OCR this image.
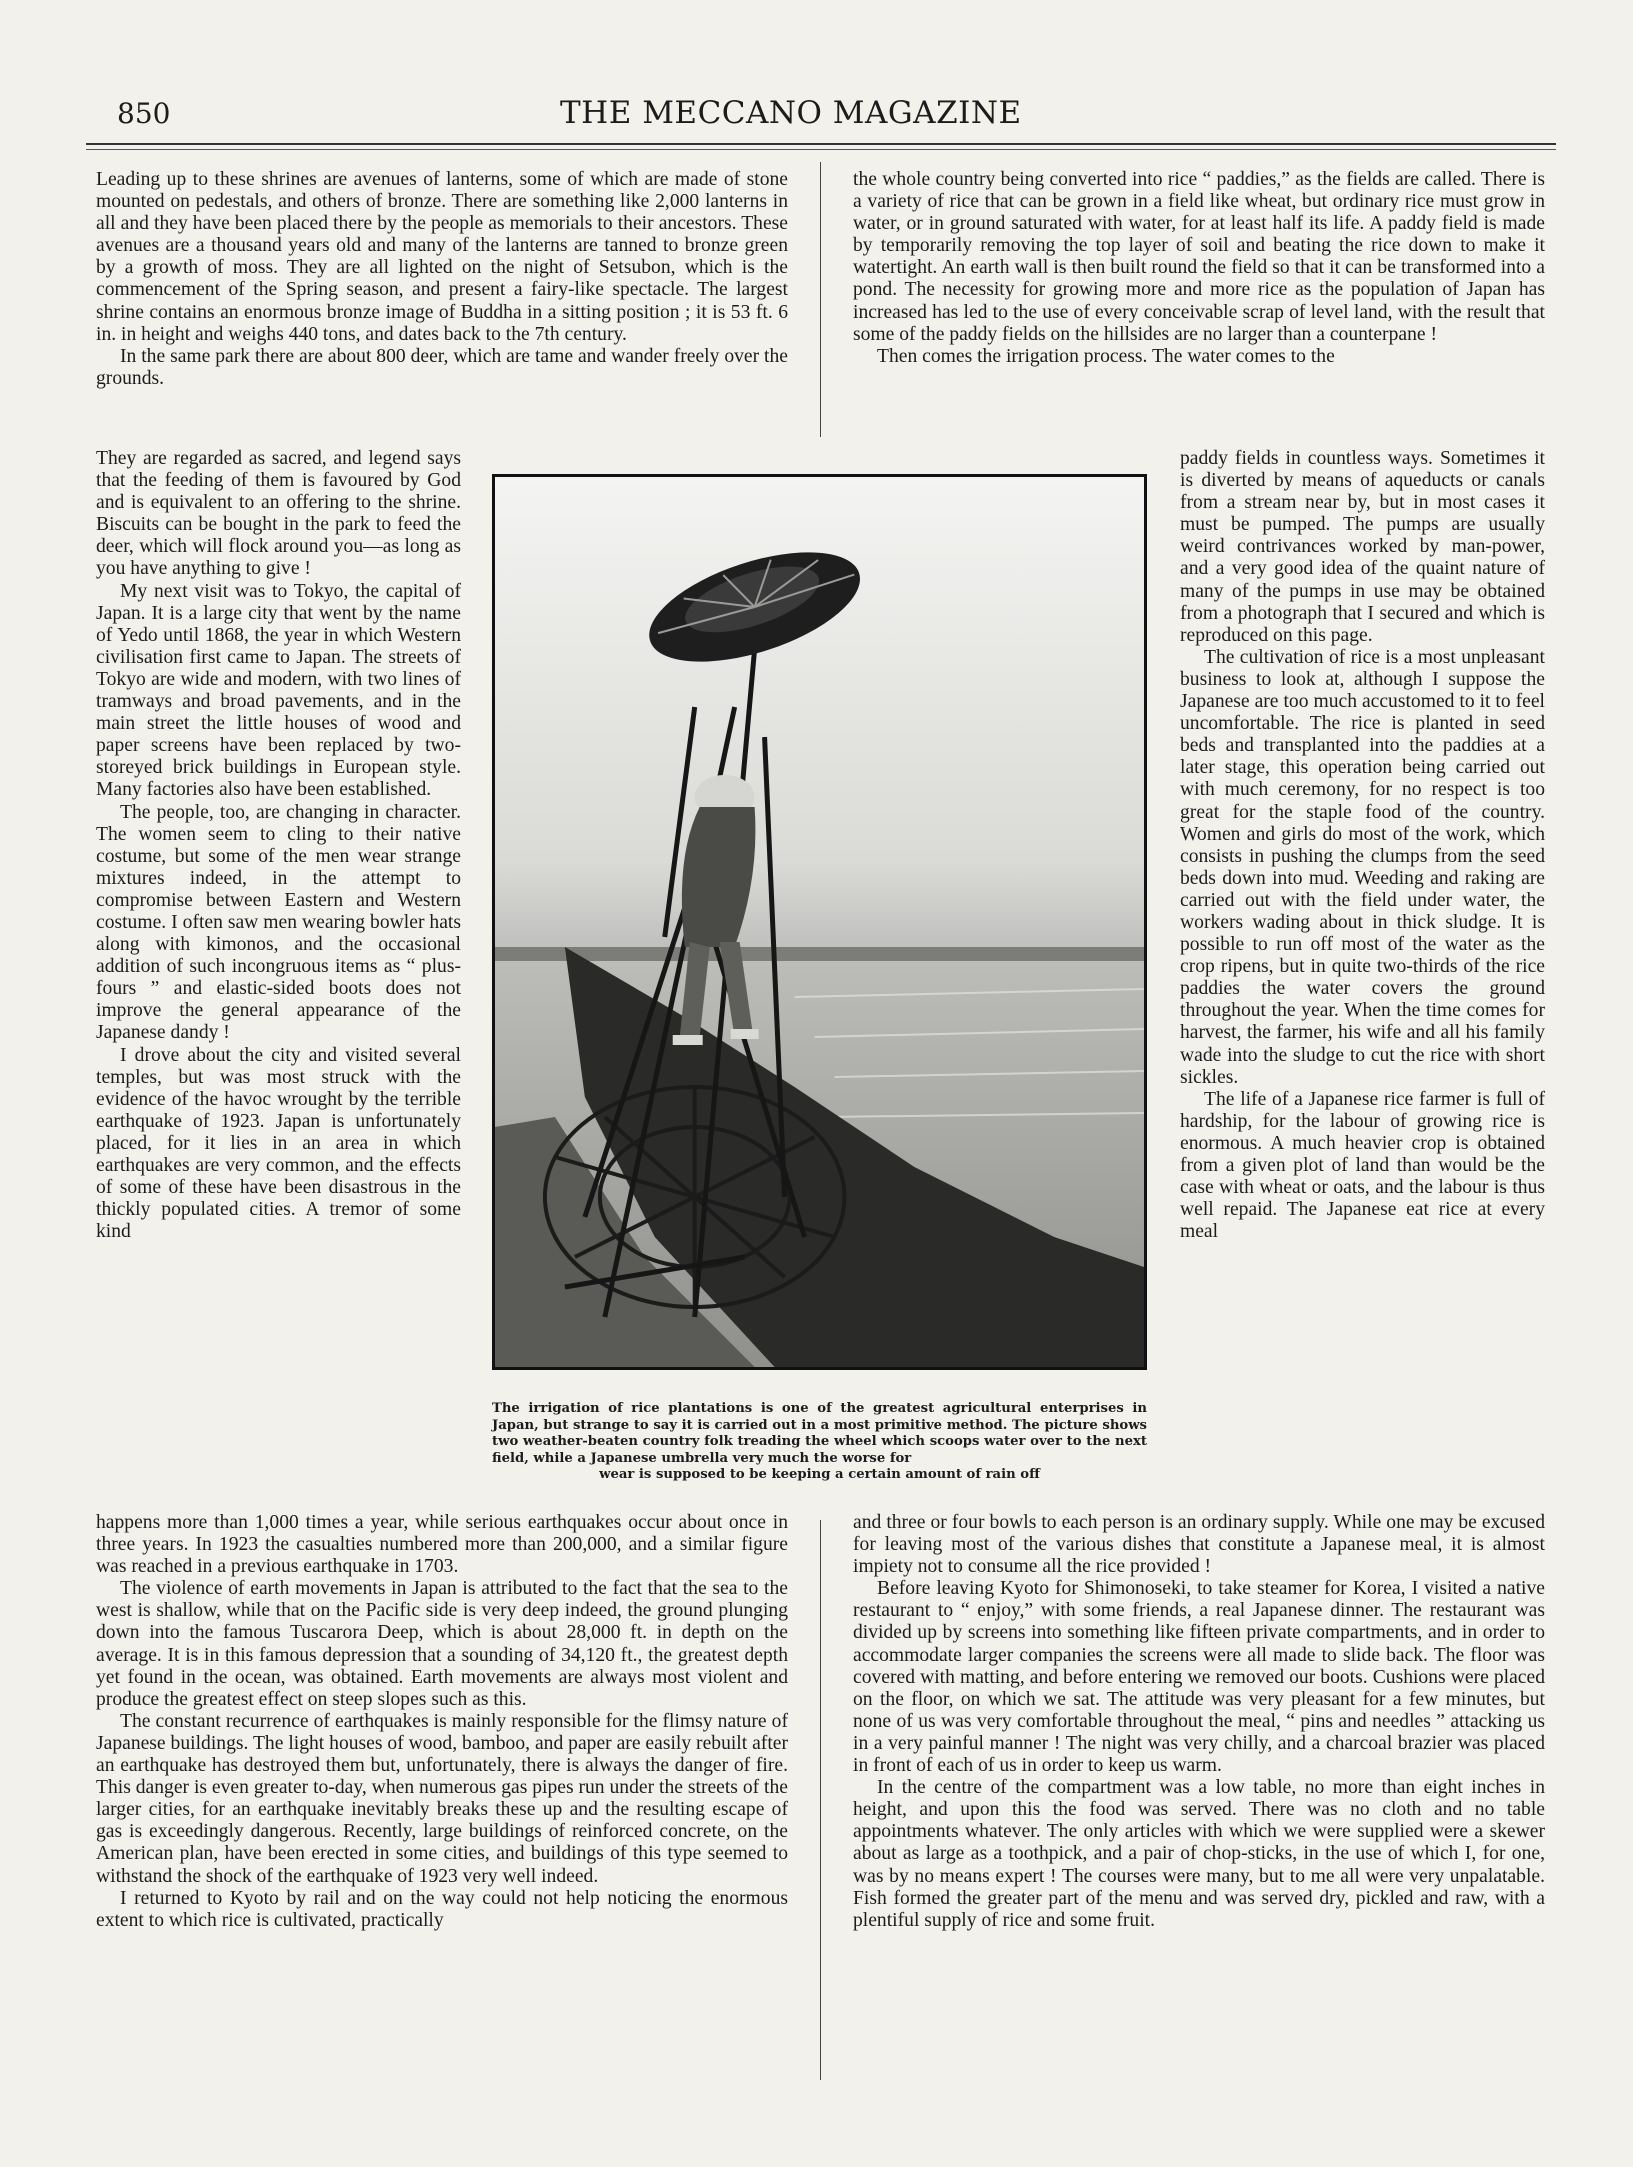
850	THE MECCANO MAGAZINE

Leading up to these shrines are avenues of lanterns, some of which are made of stone mounted on pedestals, and others of bronze. There are something like 2,000 lanterns in all and they have been placed there by the people as memorials to their ancestors. These avenues are a thousand years old and many of the lanterns are tanned to bronze green by a growth of moss. They are all lighted on the night of Setsubon, which is the commencement of the Spring season, and present a fairy-like spectacle. The largest shrine contains an enormous bronze image of Buddha in a sitting position ; it is 53 ft. 6 in. in height and weighs 440 tons, and dates back to the 7th century.

In the same park there are about 800 deer, which are tame and wander freely over the grounds.

They are regarded as sacred, and legend says that the feeding of them is favoured by God and is equivalent to an offering to the shrine. Biscuits can be bought in the park to feed the deer, which will flock around you—as long as you have anything to give !

My next visit was to Tokyo, the capital of Japan. It is a large city that went by the name of Yedo until 1868, the year in which Western civilisation first came to Japan. The streets of Tokyo are wide and modern, with two lines of tramways and broad pavements, and in the main street the little houses of wood and paper screens have been replaced by two-storeyed brick buildings in European style. Many factories also have been established.

The people, too, are changing in character. The women seem to cling to their native costume, but some of the men wear strange mixtures indeed, in the attempt to compromise between Eastern and Western costume. I often saw men wearing bowler hats along with kimonos, and the occasional addition of such incongruous items as “ plus-fours ” and elastic-sided boots does not improve the general appearance of the Japanese dandy !

I drove about the city and visited several temples, but was most struck with the evidence of the havoc wrought by the terrible earthquake of 1923. Japan is unfortunately placed, for it lies in an area in which earthquakes are very common, and the effects of some of these have been disastrous in the thickly populated cities. A tremor of some kind

happens more than 1,000 times a year, while serious earthquakes occur about once in three years. In 1923 the casualties numbered more than 200,000, and a similar figure was reached in a previous earthquake in 1703.

The violence of earth movements in Japan is attributed to the fact that the sea to the west is shallow, while that on the Pacific side is very deep indeed, the ground plunging down into the famous Tuscarora Deep, which is about 28,000 ft. in depth on the average. It is in this famous depression that a sounding of 34,120 ft., the greatest depth yet found in the ocean, was obtained. Earth movements are always most violent and produce the greatest effect on steep slopes such as this.

The constant recurrence of earthquakes is mainly responsible for the flimsy nature of Japanese buildings. The light houses of wood, bamboo, and paper are easily rebuilt after an earthquake has destroyed them but, unfortunately, there is always the danger of fire. This danger is even greater to-day, when numerous gas pipes run under the streets of the larger cities, for an earthquake inevitably breaks these up and the resulting escape of gas is exceedingly dangerous. Recently, large buildings of reinforced concrete, on the American plan, have been erected in some cities, and buildings of this type seemed to withstand the shock of the earthquake of 1923 very well indeed.

I returned to Kyoto by rail and on the way could not help noticing the enormous extent to which rice is cultivated, practically

the whole country being converted into rice “ paddies,” as the fields are called. There is a variety of rice that can be grown in a field like wheat, but ordinary rice must grow in water, or in ground saturated with water, for at least half its life. A paddy field is made by temporarily removing the top layer of soil and beating the rice down to make it watertight. An earth wall is then built round the field so that it can be transformed into a pond. The necessity for growing more and more rice as the population of Japan has increased has led to the use of every conceivable scrap of level land, with the result that some of the paddy fields on the hillsides are no larger than a counterpane !

Then comes the irrigation process. The water comes to the

paddy fields in countless ways. Sometimes it is diverted by means of aqueducts or canals from a stream near by, but in most cases it must be pumped. The pumps are usually weird contrivances worked by man-power, and a very good idea of the quaint nature of many of the pumps in use may be obtained from a photograph that I secured and which is reproduced on this page.

The cultivation of rice is a most unpleasant business to look at, although I suppose the Japanese are too much accustomed to it to feel uncomfortable. The rice is planted in seed beds and transplanted into the paddies at a later stage, this operation being carried out with much ceremony, for no respect is too great for the staple food of the country. Women and girls do most of the work, which consists in pushing the clumps from the seed beds down into mud. Weeding and raking are carried out with the field under water, the workers wading about in thick sludge. It is possible to run off most of the water as the crop ripens, but in quite two-thirds of the rice paddies the water covers the ground throughout the year. When the time comes for harvest, the farmer, his wife and all his family wade into the sludge to cut the rice with short sickles.

The life of a Japanese rice farmer is full of hardship, for the labour of growing rice is enormous. A much heavier crop is obtained from a given plot of land than would be the case with wheat or oats, and the labour is thus well repaid. The Japanese eat rice at every meal

and three or four bowls to each person is an ordinary supply. While one may be excused for leaving most of the various dishes that constitute a Japanese meal, it is almost impiety not to consume all the rice provided !

Before leaving Kyoto for Shimonoseki, to take steamer for Korea, I visited a native restaurant to “ enjoy,” with some friends, a real Japanese dinner. The restaurant was divided up by screens into something like fifteen private compartments, and in order to accommodate larger companies the screens were all made to slide back. The floor was covered with matting, and before entering we removed our boots. Cushions were placed on the floor, on which we sat. The attitude was very pleasant for a few minutes, but none of us was very comfortable throughout the meal, “ pins and needles ” attacking us in a very painful manner ! The night was very chilly, and a charcoal brazier was placed in front of each of us in order to keep us warm.

In the centre of the compartment was a low table, no more than eight inches in height, and upon this the food was served. There was no cloth and no table appointments whatever. The only articles with which we were supplied were a skewer about as large as a toothpick, and a pair of chop-sticks, in the use of which I, for one, was by no means expert ! The courses were many, but to me all were very unpalatable. Fish formed the greater part of the menu and was served dry, pickled and raw, with a plentiful supply of rice and some fruit.

The irrigation of rice plantations is one of the greatest agricultural enterprises in Japan, but strange to say it is carried out in a most primitive method. The picture shows two weather-beaten country folk treading the wheel which scoops water over to the next field, while a Japanese umbrella very much the worse for
wear is supposed to be keeping a certain amount of rain off
